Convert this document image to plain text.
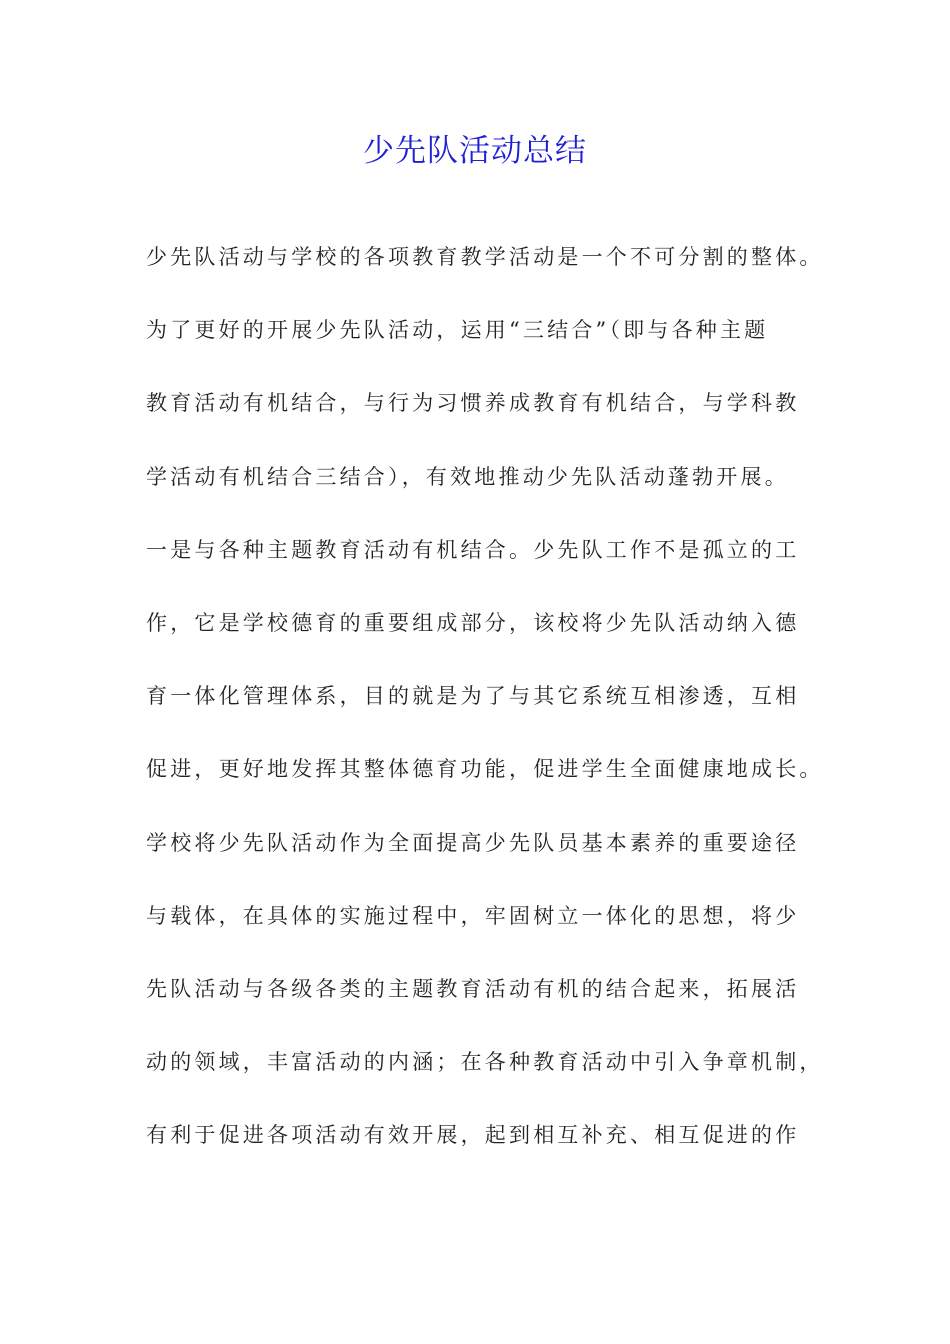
少先队活动总结
少先队活动与学校的各项教育教学活动是一个不可分割的整体。
为了更好的开展少先队活动，运用“三结合”（即与各种主题
教育活动有机结合，与行为习惯养成教育有机结合，与学科教
学活动有机结合三结合），有效地推动少先队活动蓬勃开展。
一是与各种主题教育活动有机结合。少先队工作不是孤立的工
作，它是学校德育的重要组成部分，该校将少先队活动纳入德
育一体化管理体系，目的就是为了与其它系统互相渗透，互相
促进，更好地发挥其整体德育功能，促进学生全面健康地成长。
学校将少先队活动作为全面提高少先队员基本素养的重要途径
与载体，在具体的实施过程中，牢固树立一体化的思想，将少
先队活动与各级各类的主题教育活动有机的结合起来，拓展活
动的领域，丰富活动的内涵；在各种教育活动中引入争章机制，
有利于促进各项活动有效开展，起到相互补充、相互促进的作
